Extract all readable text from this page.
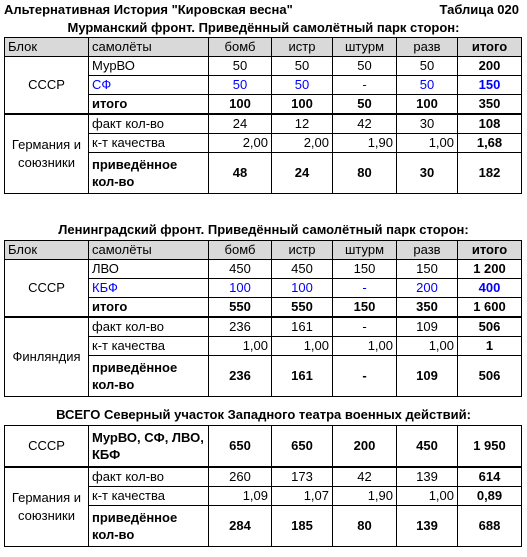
Альтернативная История "Кировская весна"	Таблица 020
Мурманский фронт. Приведённый самолётный парк сторон:
Блок	самолёты	бомб	истр	штурм	разв	итого
СССР	МурВО	50	50	50	50	200
	СФ	50	50	-	50	150
	итого	100	100	50	100	350
Германия и союзники	факт кол-во	24	12	42	30	108
	к-т качества	2,00	2,00	1,90	1,00	1,68
	приведённое кол-во	48	24	80	30	182
Ленинградский фронт. Приведённый самолётный парк сторон:
Блок	самолёты	бомб	истр	штурм	разв	итого
СССР	ЛВО	450	450	150	150	1 200
	КБФ	100	100	-	200	400
	итого	550	550	150	350	1 600
Финляндия	факт кол-во	236	161	-	109	506
	к-т качества	1,00	1,00	1,00	1,00	1
	приведённое кол-во	236	161	-	109	506
ВСЕГО Северный участок Западного театра военных действий:
СССР	МурВО, СФ, ЛВО, КБФ	650	650	200	450	1 950
Германия и союзники	факт кол-во	260	173	42	139	614
	к-т качества	1,09	1,07	1,90	1,00	0,89
	приведённое кол-во	284	185	80	139	688
